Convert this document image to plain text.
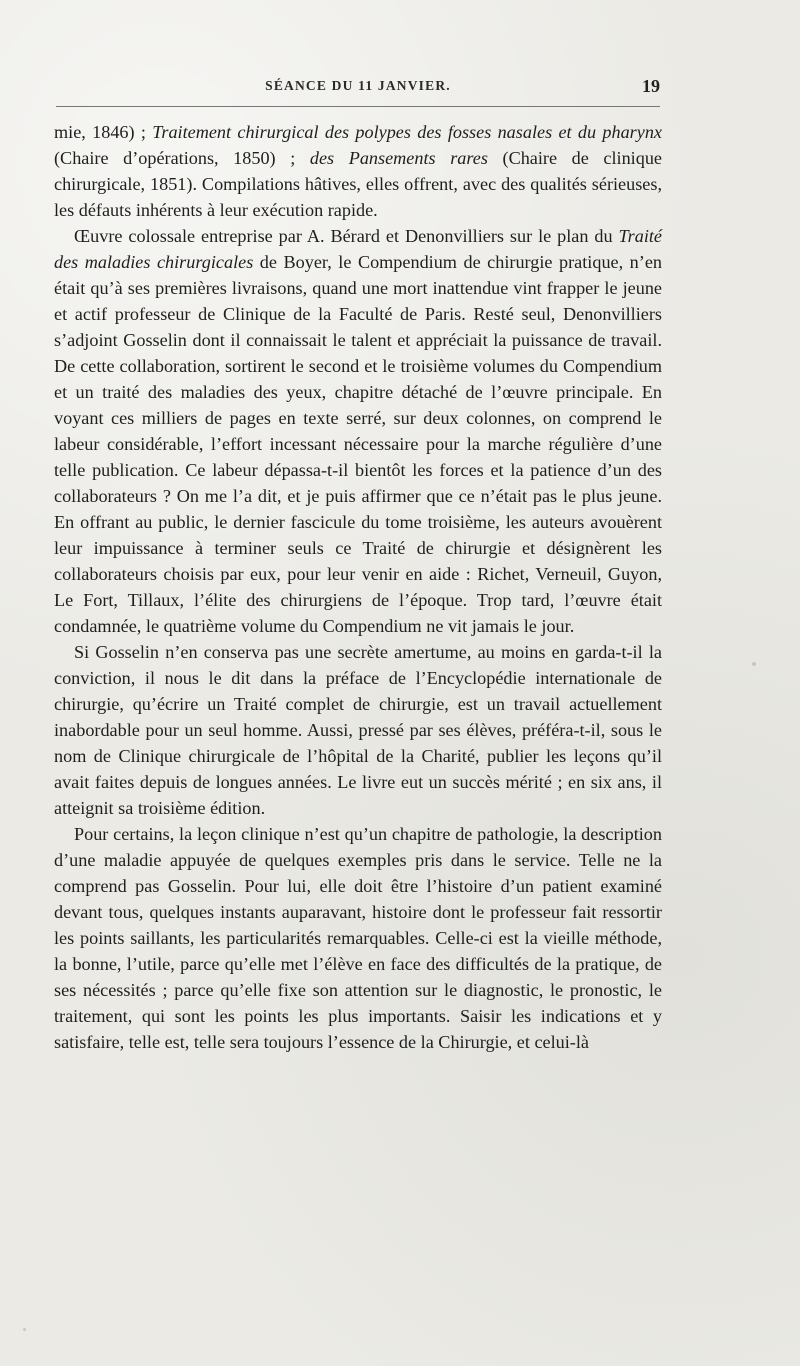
SÉANCE DU 11 JANVIER.	19

mie, 1846) ; Traitement chirurgical des polypes des fosses nasales et du pharynx (Chaire d’opérations, 1850) ; des Pansements rares (Chaire de clinique chirurgicale, 1851). Compilations hâtives, elles offrent, avec des qualités sérieuses, les défauts inhérents à leur exécution rapide.

Œuvre colossale entreprise par A. Bérard et Denonvilliers sur le plan du Traité des maladies chirurgicales de Boyer, le Compendium de chirurgie pratique, n’en était qu’à ses premières livraisons, quand une mort inattendue vint frapper le jeune et actif professeur de Clinique de la Faculté de Paris. Resté seul, Denonvilliers s’adjoint Gosselin dont il connaissait le talent et appréciait la puissance de travail. De cette collaboration, sortirent le second et le troisième volumes du Compendium et un traité des maladies des yeux, chapitre détaché de l’œuvre principale. En voyant ces milliers de pages en texte serré, sur deux colonnes, on comprend le labeur considérable, l’effort incessant nécessaire pour la marche régulière d’une telle publication. Ce labeur dépassa-t-il bientôt les forces et la patience d’un des collaborateurs ? On me l’a dit, et je puis affirmer que ce n’était pas le plus jeune. En offrant au public, le dernier fascicule du tome troisième, les auteurs avouèrent leur impuissance à terminer seuls ce Traité de chirurgie et désignèrent les collaborateurs choisis par eux, pour leur venir en aide : Richet, Verneuil, Guyon, Le Fort, Tillaux, l’élite des chirurgiens de l’époque. Trop tard, l’œuvre était condamnée, le quatrième volume du Compendium ne vit jamais le jour.

Si Gosselin n’en conserva pas une secrète amertume, au moins en garda-t-il la conviction, il nous le dit dans la préface de l’Encyclopédie internationale de chirurgie, qu’écrire un Traité complet de chirurgie, est un travail actuellement inabordable pour un seul homme. Aussi, pressé par ses élèves, préféra-t-il, sous le nom de Clinique chirurgicale de l’hôpital de la Charité, publier les leçons qu’il avait faites depuis de longues années. Le livre eut un succès mérité ; en six ans, il atteignit sa troisième édition.

Pour certains, la leçon clinique n’est qu’un chapitre de pathologie, la description d’une maladie appuyée de quelques exemples pris dans le service. Telle ne la comprend pas Gosselin. Pour lui, elle doit être l’histoire d’un patient examiné devant tous, quelques instants auparavant, histoire dont le professeur fait ressortir les points saillants, les particularités remarquables. Celle-ci est la vieille méthode, la bonne, l’utile, parce qu’elle met l’élève en face des difficultés de la pratique, de ses nécessités ; parce qu’elle fixe son attention sur le diagnostic, le pronostic, le traitement, qui sont les points les plus importants. Saisir les indications et y satisfaire, telle est, telle sera toujours l’essence de la Chirurgie, et celui-là
